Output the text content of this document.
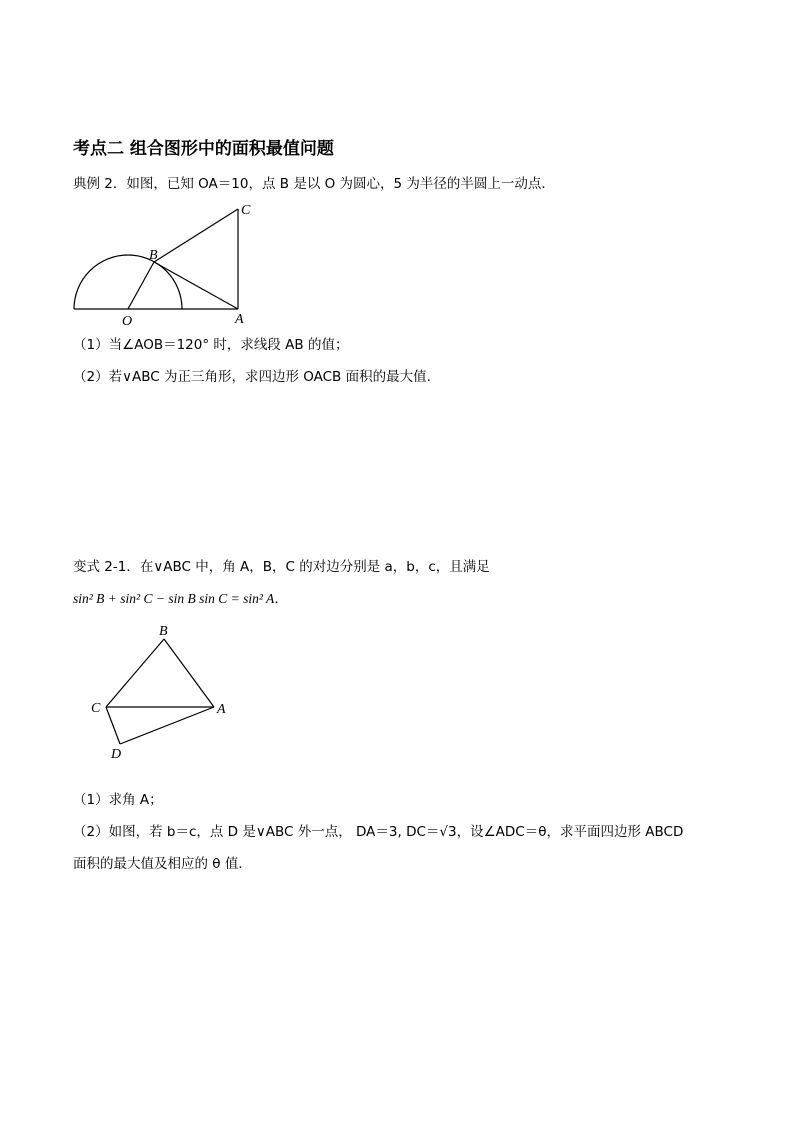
考点二 组合图形中的面积最值问题
典例 2．如图，已知 OA＝10，点 B 是以 O 为圆心，5 为半径的半圆上一动点．
O	A
B
C
（1）当∠AOB＝120° 时，求线段 AB 的值；
（2）若∨ABC 为正三角形，求四边形 OACB 面积的最大值.
变式 2-1．在∨ABC 中，角 A，B，C 的对边分别是 a，b，c，且满足
sin² B + sin² C − sin B sin C = sin² A．
B
C	A
D
（1）求角 A；
（2）如图，若 b＝c，点 D 是∨ABC 外一点， DA＝3, DC＝√3，设∠ADC＝θ，求平面四边形 ABCD
面积的最大值及相应的 θ 值．
